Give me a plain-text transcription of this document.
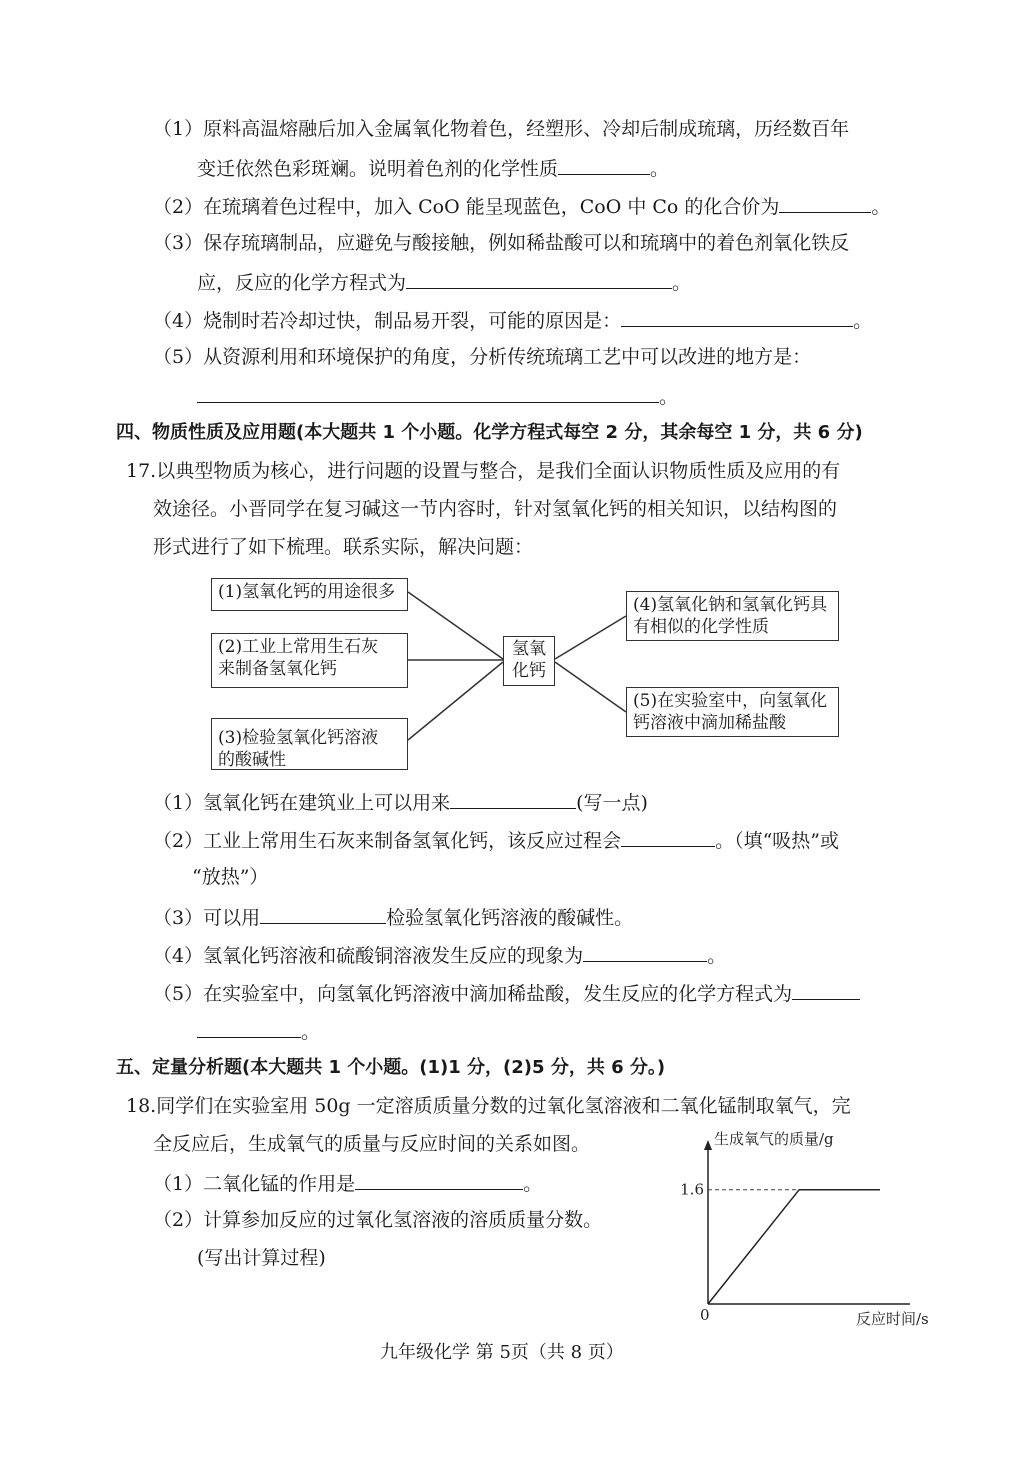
（1）原料高温熔融后加入金属氧化物着色，经塑形、冷却后制成琉璃，历经数百年
变迁依然色彩斑斓。说明着色剂的化学性质	。
（2）在琉璃着色过程中，加入 CoO 能呈现蓝色，CoO 中 Co 的化合价为	。
（3）保存琉璃制品，应避免与酸接触，例如稀盐酸可以和琉璃中的着色剂氧化铁反
应，反应的化学方程式为	。
（4）烧制时若冷却过快，制品易开裂，可能的原因是：	。
（5）从资源利用和环境保护的角度，分析传统琉璃工艺中可以改进的地方是：
。
四、物质性质及应用题(本大题共 1 个小题。化学方程式每空 2 分，其余每空 1 分，共 6 分)
17.以典型物质为核心，进行问题的设置与整合，是我们全面认识物质性质及应用的有
效途径。小晋同学在复习碱这一节内容时，针对氢氧化钙的相关知识，以结构图的
形式进行了如下梳理。联系实际，解决问题：
(1)氢氧化钙的用途很多
(2)工业上常用生石灰
来制备氢氧化钙
(3)检验氢氧化钙溶液
的酸碱性
氢氧
化钙
(4)氢氧化钠和氢氧化钙具
有相似的化学性质
(5)在实验室中，向氢氧化
钙溶液中滴加稀盐酸
（1）氢氧化钙在建筑业上可以用来	(写一点)
（2）工业上常用生石灰来制备氢氧化钙，该反应过程会	。（填“吸热”或
“放热”）
（3）可以用	检验氢氧化钙溶液的酸碱性。
（4）氢氧化钙溶液和硫酸铜溶液发生反应的现象为	。
（5）在实验室中，向氢氧化钙溶液中滴加稀盐酸，发生反应的化学方程式为
。
五、定量分析题(本大题共 1 个小题。(1)1 分，(2)5 分，共 6 分。)
18.同学们在实验室用 50g 一定溶质质量分数的过氧化氢溶液和二氧化锰制取氧气，完
全反应后，生成氧气的质量与反应时间的关系如图。
（1）二氧化锰的作用是	。
（2）计算参加反应的过氧化氢溶液的溶质质量分数。
(写出计算过程)
生成氧气的质量/g
反应时间/s
0
1.6
九年级化学 第 5页（共 8 页）
